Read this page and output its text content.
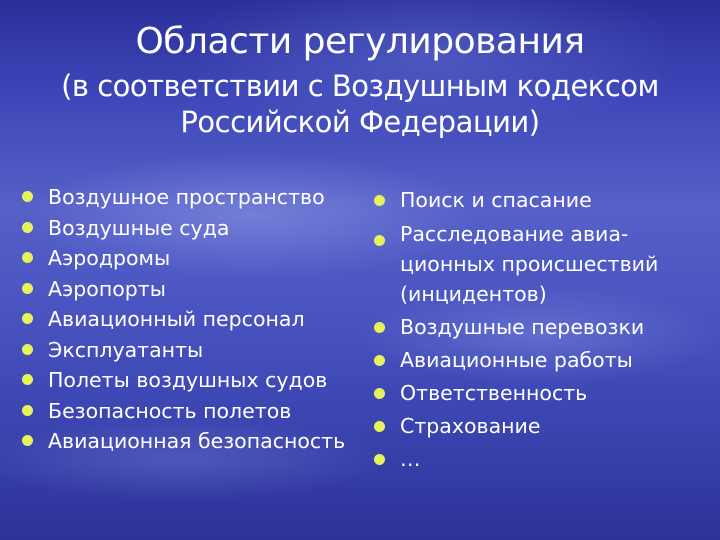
Области регулирования
(в соответствии с Воздушным кодексом
Российской Федерации)
Воздушное пространство
Воздушные суда
Аэродромы
Аэропорты
Авиационный персонал
Эксплуатанты
Полеты воздушных судов
Безопасность полетов
Авиационная безопасность
Поиск и спасание
Расследование авиа-
ционных происшествий
(инцидентов)
Воздушные перевозки
Авиационные работы
Ответственность
Страхование
…
